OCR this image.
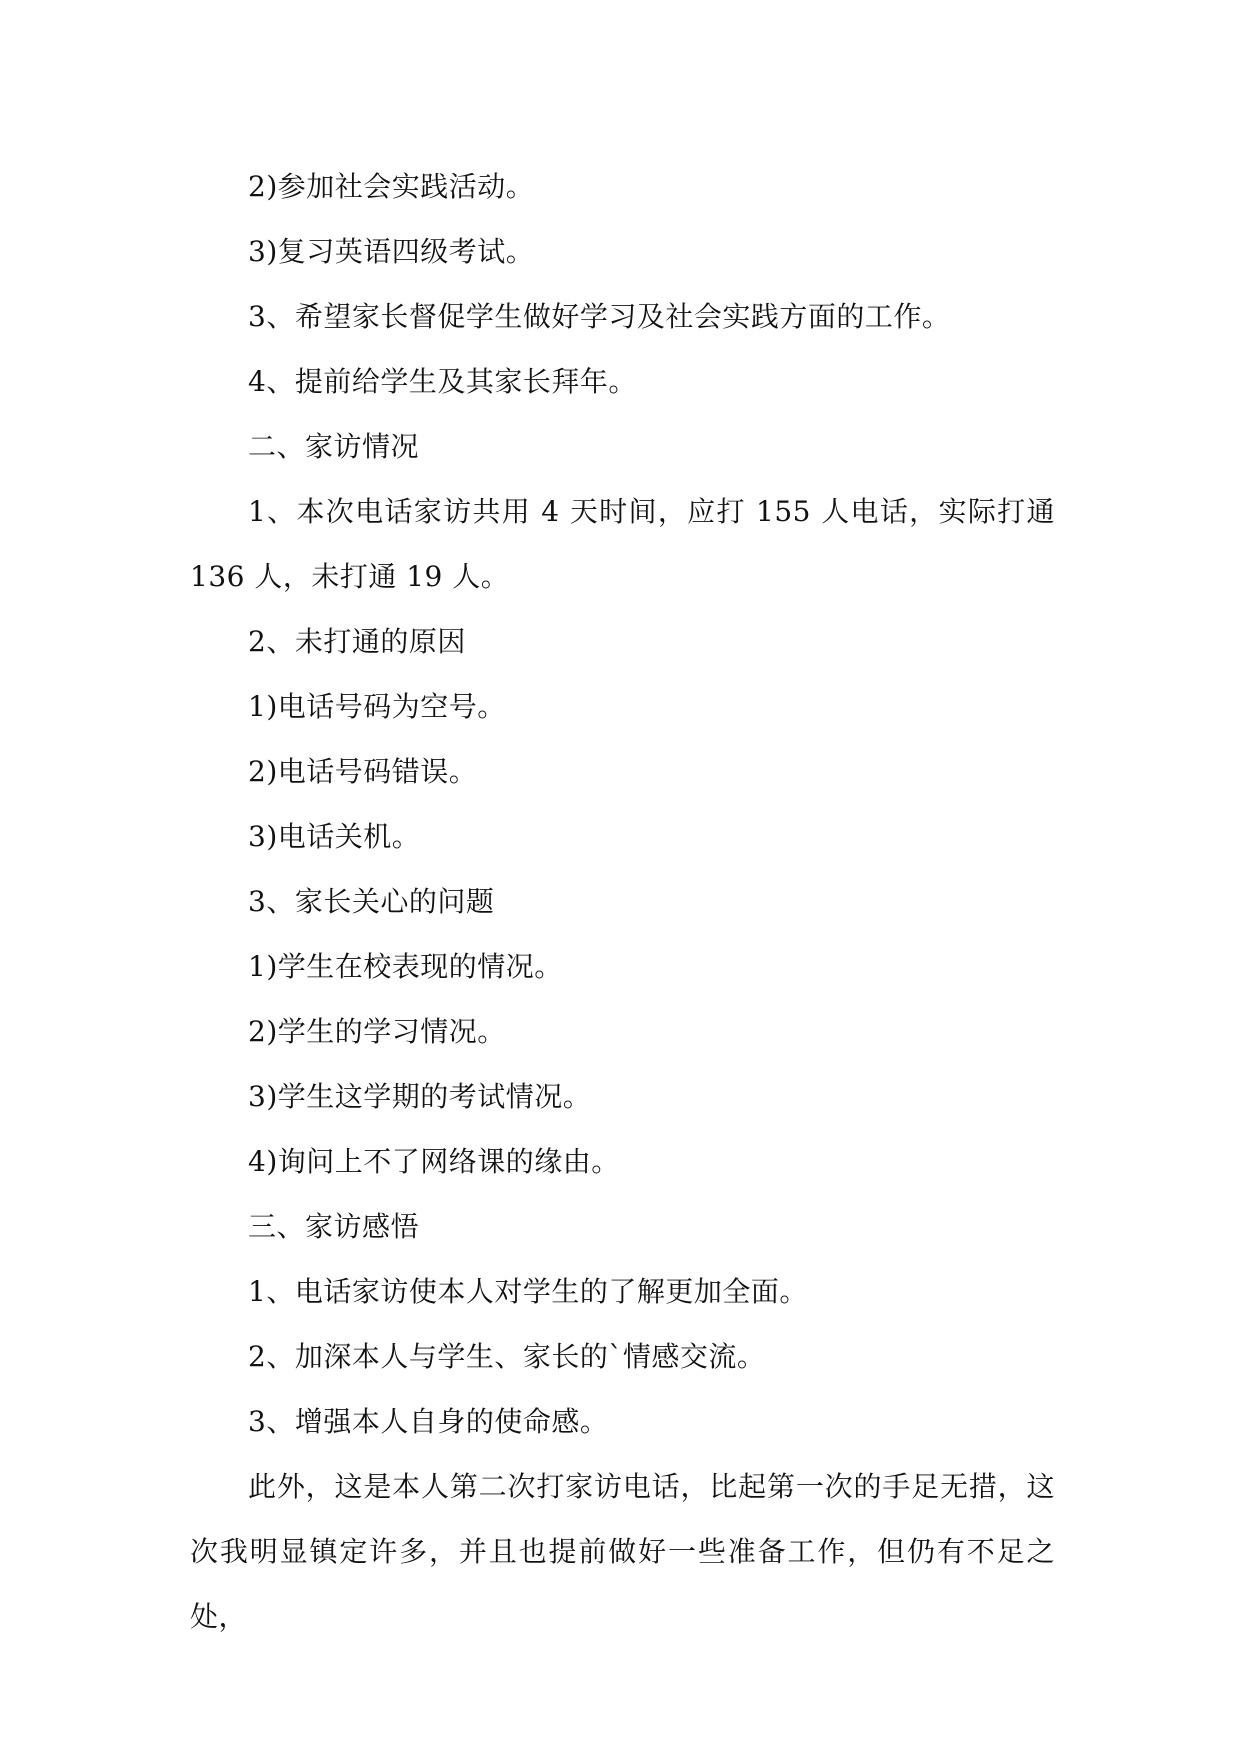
2)参加社会实践活动。

3)复习英语四级考试。

3、希望家长督促学生做好学习及社会实践方面的工作。

4、提前给学生及其家长拜年。

二、家访情况

1、本次电话家访共用 4 天时间，应打 155 人电话，实际打通 136 人，未打通 19 人。

2、未打通的原因

1)电话号码为空号。

2)电话号码错误。

3)电话关机。

3、家长关心的问题

1)学生在校表现的情况。

2)学生的学习情况。

3)学生这学期的考试情况。

4)询问上不了网络课的缘由。

三、家访感悟

1、电话家访使本人对学生的了解更加全面。

2、加深本人与学生、家长的`情感交流。

3、增强本人自身的使命感。

此外，这是本人第二次打家访电话，比起第一次的手足无措，这次我明显镇定许多，并且也提前做好一些准备工作，但仍有不足之处，
